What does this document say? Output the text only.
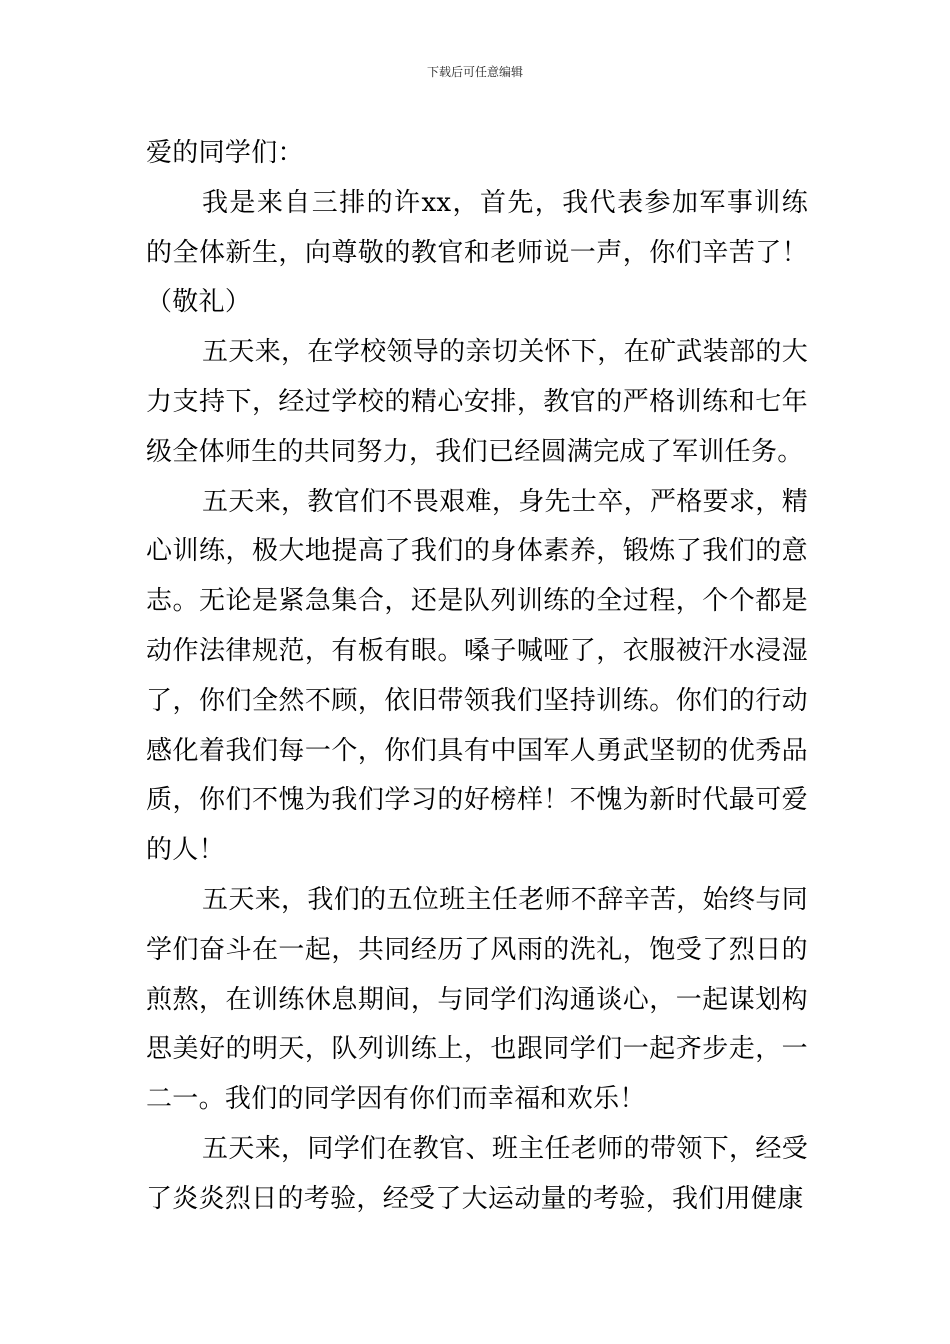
下载后可任意编辑

爱的同学们：

我是来自三排的许xx，首先，我代表参加军事训练的全体新生，向尊敬的教官和老师说一声，你们辛苦了！（敬礼）

五天来，在学校领导的亲切关怀下，在矿武装部的大力支持下，经过学校的精心安排，教官的严格训练和七年级全体师生的共同努力，我们已经圆满完成了军训任务。

五天来，教官们不畏艰难，身先士卒，严格要求，精心训练，极大地提高了我们的身体素养，锻炼了我们的意志。无论是紧急集合，还是队列训练的全过程，个个都是动作法律规范，有板有眼。嗓子喊哑了，衣服被汗水浸湿了，你们全然不顾，依旧带领我们坚持训练。你们的行动感化着我们每一个，你们具有中国军人勇武坚韧的优秀品质，你们不愧为我们学习的好榜样！不愧为新时代最可爱的人！

五天来，我们的五位班主任老师不辞辛苦，始终与同学们奋斗在一起，共同经历了风雨的洗礼，饱受了烈日的煎熬，在训练休息期间，与同学们沟通谈心，一起谋划构思美好的明天，队列训练上，也跟同学们一起齐步走，一二一。我们的同学因有你们而幸福和欢乐！

五天来，同学们在教官、班主任老师的带领下，经受了炎炎烈日的考验，经受了大运动量的考验，我们用健康
